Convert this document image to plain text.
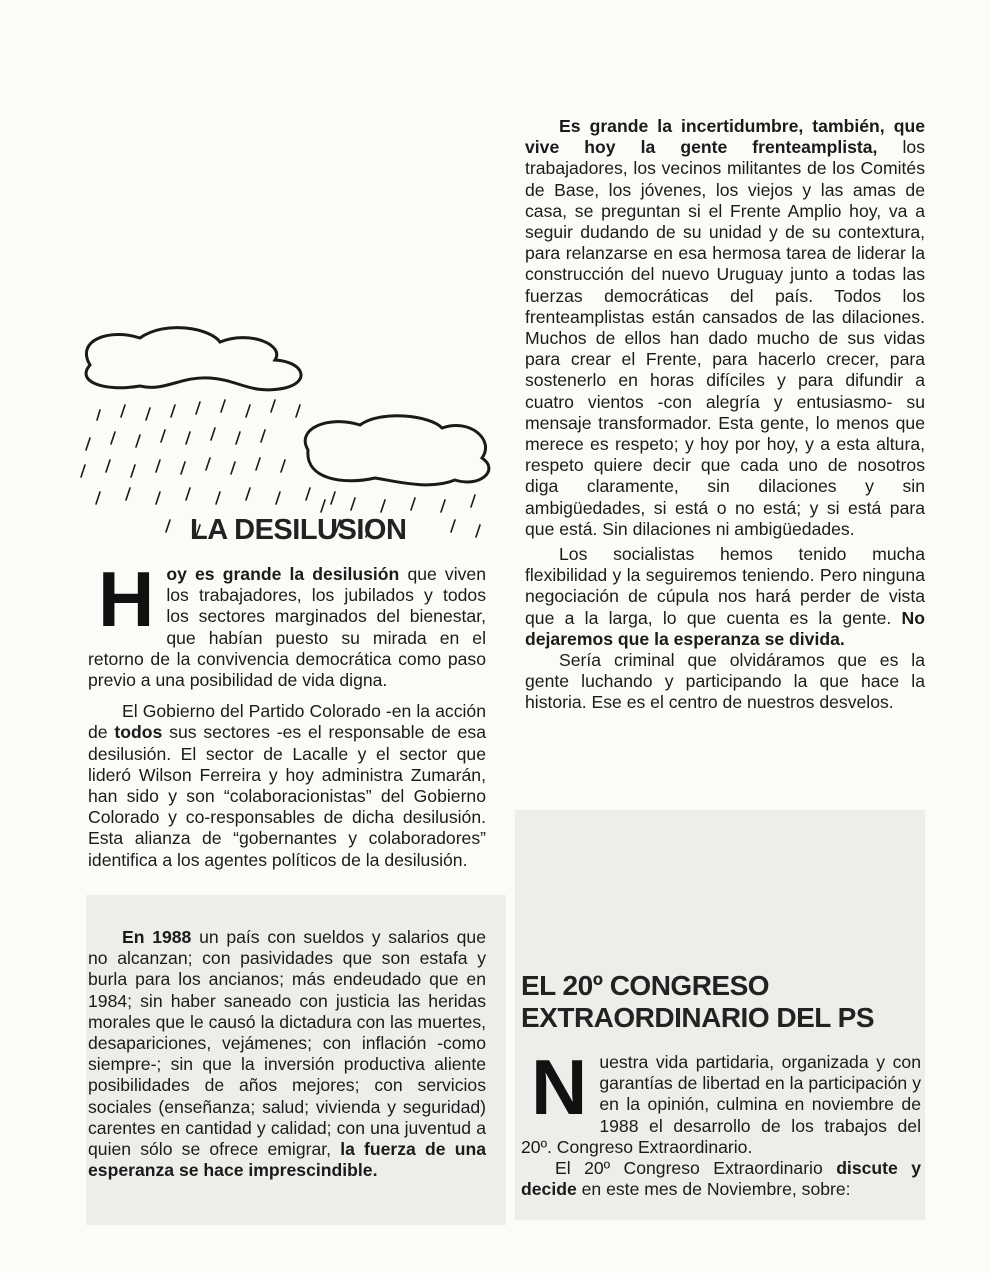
LA DESILUSION

Hoy es grande la desilusión que viven los trabajadores, los jubilados y todos los sectores marginados del bienestar, que habían puesto su mirada en el retorno de la convivencia democrática como paso previo a una posibilidad de vida digna.

El Gobierno del Partido Colorado -en la acción de todos sus sectores -es el responsable de esa desilusión. El sector de Lacalle y el sector que lideró Wilson Ferreira y hoy administra Zumarán, han sido y son “colaboracionistas” del Gobierno Colorado y co-responsables de dicha desilusión. Esta alianza de “gobernantes y colaboradores” identifica a los agentes políticos de la desilusión.

En 1988 un país con sueldos y salarios que no alcanzan; con pasividades que son estafa y burla para los ancianos; más endeudado que en 1984; sin haber saneado con justicia las heridas morales que le causó la dictadura con las muertes, desapariciones, vejámenes; con inflación -como siempre-; sin que la inversión productiva aliente posibilidades de años mejores; con servicios sociales (enseñanza; salud; vivienda y seguridad) carentes en cantidad y calidad; con una juventud a quien sólo se ofrece emigrar, la fuerza de una esperanza se hace imprescindible.

Es grande la incertidumbre, también, que vive hoy la gente frenteamplista, los trabajadores, los vecinos militantes de los Comités de Base, los jóvenes, los viejos y las amas de casa, se preguntan si el Frente Amplio hoy, va a seguir dudando de su unidad y de su contextura, para relanzarse en esa hermosa tarea de liderar la construcción del nuevo Uruguay junto a todas las fuerzas democráticas del país. Todos los frenteamplistas están cansados de las dilaciones. Muchos de ellos han dado mucho de sus vidas para crear el Frente, para hacerlo crecer, para sostenerlo en horas difíciles y para difundir a cuatro vientos -con alegría y entusiasmo- su mensaje transformador. Esta gente, lo menos que merece es respeto; y hoy por hoy, y a esta altura, respeto quiere decir que cada uno de nosotros diga claramente, sin dilaciones y sin ambigüedades, si está o no está; y si está para que está. Sin dilaciones ni ambigüedades.

Los socialistas hemos tenido mucha flexibilidad y la seguiremos teniendo. Pero ninguna negociación de cúpula nos hará perder de vista que a la larga, lo que cuenta es la gente. No dejaremos que la esperanza se divida.

Sería criminal que olvidáramos que es la gente luchando y participando la que hace la historia. Ese es el centro de nuestros desvelos.

EL 20º CONGRESO
EXTRAORDINARIO DEL PS

Nuestra vida partidaria, organizada y con garantías de libertad en la participación y en la opinión, culmina en noviembre de 1988 el desarrollo de los trabajos del 20º. Congreso Extraordinario.

El 20º Congreso Extraordinario discute y decide en este mes de Noviembre, sobre:
